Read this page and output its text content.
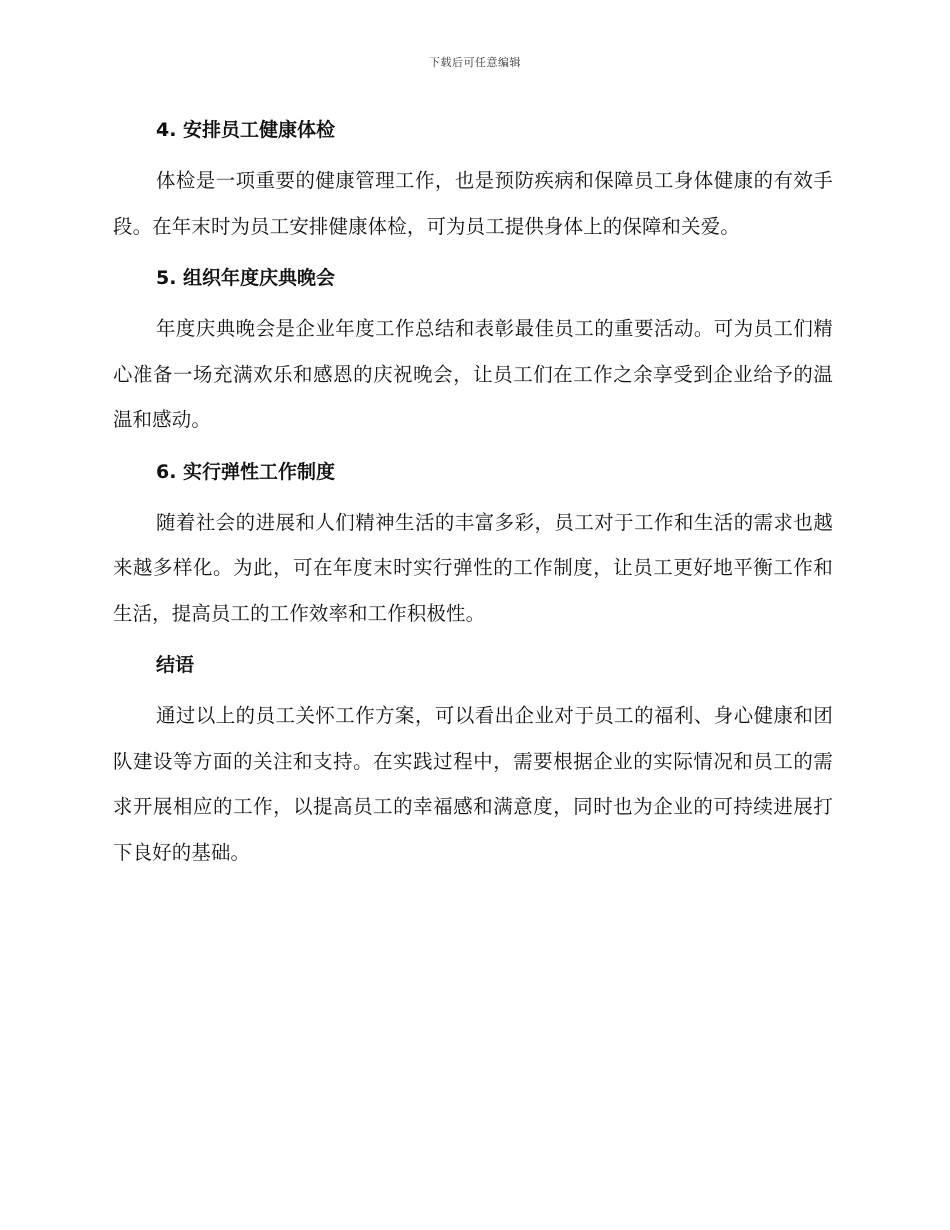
下载后可任意编辑
4. 安排员工健康体检

体检是一项重要的健康管理工作，也是预防疾病和保障员工身体健康的有效手段。在年末时为员工安排健康体检，可为员工提供身体上的保障和关爱。

5. 组织年度庆典晚会

年度庆典晚会是企业年度工作总结和表彰最佳员工的重要活动。可为员工们精心准备一场充满欢乐和感恩的庆祝晚会，让员工们在工作之余享受到企业给予的温温和感动。

6. 实行弹性工作制度

随着社会的进展和人们精神生活的丰富多彩，员工对于工作和生活的需求也越来越多样化。为此，可在年度末时实行弹性的工作制度，让员工更好地平衡工作和生活，提高员工的工作效率和工作积极性。

结语

通过以上的员工关怀工作方案，可以看出企业对于员工的福利、身心健康和团队建设等方面的关注和支持。在实践过程中，需要根据企业的实际情况和员工的需求开展相应的工作，以提高员工的幸福感和满意度，同时也为企业的可持续进展打下良好的基础。
